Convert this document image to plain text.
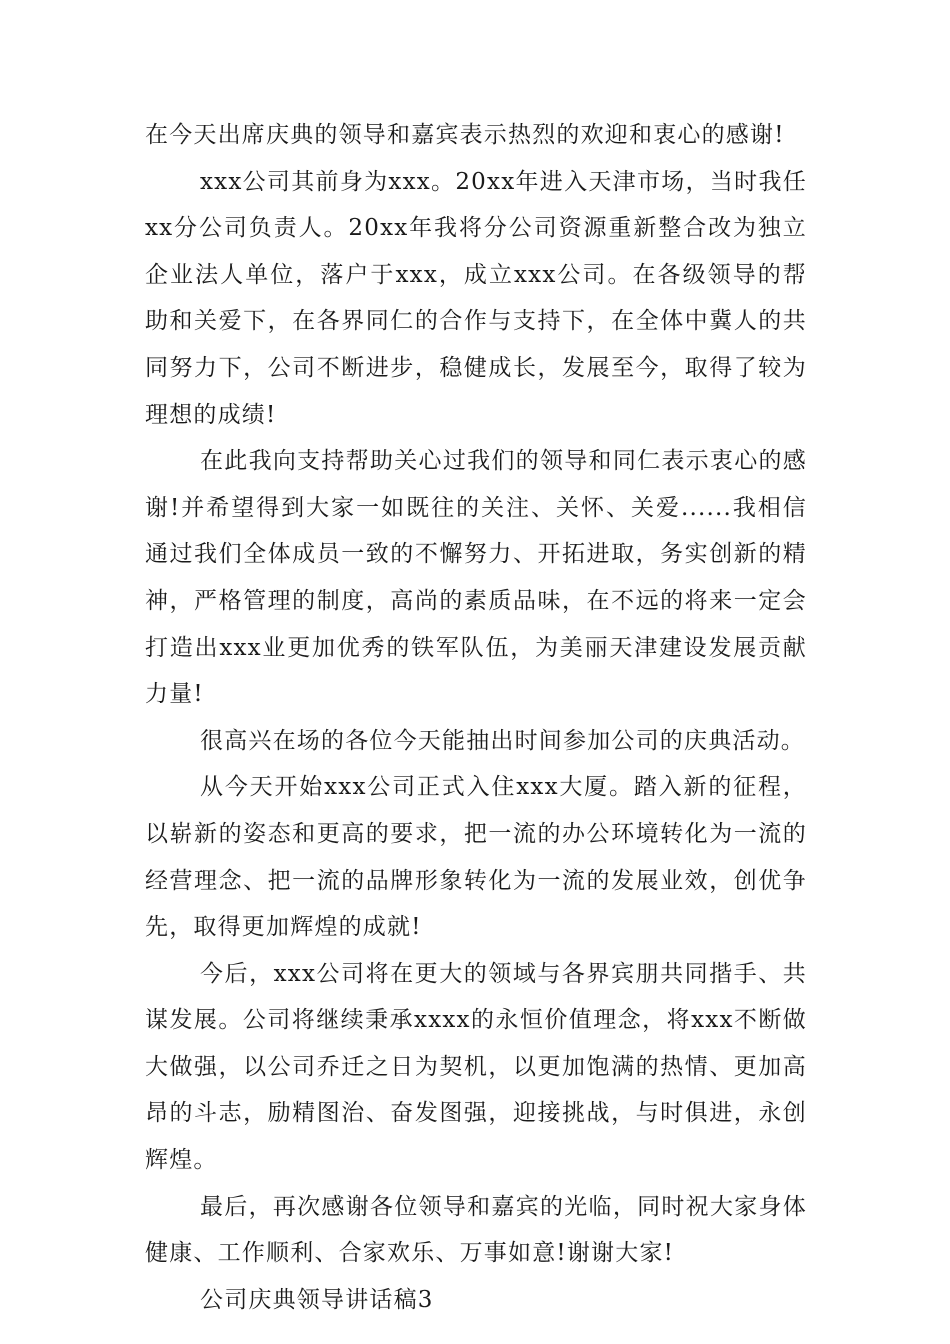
在今天出席庆典的领导和嘉宾表示热烈的欢迎和衷心的感谢!

xxx公司其前身为xxx。20xx年进入天津市场，当时我任xx分公司负责人。20xx年我将分公司资源重新整合改为独立企业法人单位，落户于xxx，成立xxx公司。在各级领导的帮助和关爱下，在各界同仁的合作与支持下，在全体中冀人的共同努力下，公司不断进步，稳健成长，发展至今，取得了较为理想的成绩!

在此我向支持帮助关心过我们的领导和同仁表示衷心的感谢!并希望得到大家一如既往的关注、关怀、关爱......我相信通过我们全体成员一致的不懈努力、开拓进取，务实创新的精神，严格管理的制度，高尚的素质品味，在不远的将来一定会打造出xxx业更加优秀的铁军队伍，为美丽天津建设发展贡献力量!

很高兴在场的各位今天能抽出时间参加公司的庆典活动。

从今天开始xxx公司正式入住xxx大厦。踏入新的征程，以崭新的姿态和更高的要求，把一流的办公环境转化为一流的经营理念、把一流的品牌形象转化为一流的发展业效，创优争先，取得更加辉煌的成就!

今后，xxx公司将在更大的领域与各界宾朋共同揩手、共谋发展。公司将继续秉承xxxx的永恒价值理念，将xxx不断做大做强，以公司乔迁之日为契机，以更加饱满的热情、更加高昂的斗志，励精图治、奋发图强，迎接挑战，与时俱进，永创辉煌。

最后，再次感谢各位领导和嘉宾的光临，同时祝大家身体健康、工作顺利、合家欢乐、万事如意!谢谢大家!

公司庆典领导讲话稿3
